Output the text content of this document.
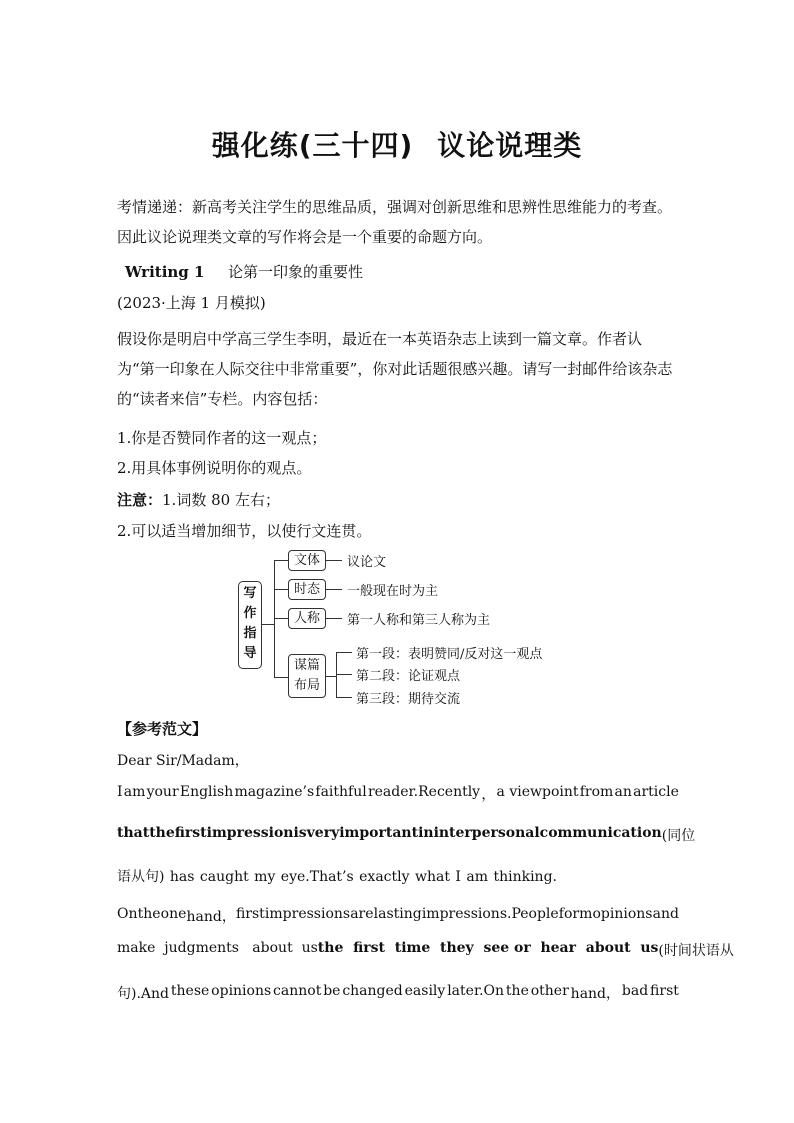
强化练(三十四) 议论说理类
考情递递：新高考关注学生的思维品质，强调对创新思维和思辨性思维能力的考查。因此议论说理类文章的写作将会是一个重要的命题方向。
Writing 1 论第一印象的重要性
(2023·上海 1 月模拟)
假设你是明启中学高三学生李明，最近在一本英语杂志上读到一篇文章。作者认为“第一印象在人际交往中非常重要”，你对此话题很感兴趣。请写一封邮件给该杂志的“读者来信”专栏。内容包括：
1.你是否赞同作者的这一观点；
2.用具体事例说明你的观点。
注意：1.词数 80 左右；
2.可以适当增加细节，以使行文连贯。
写
作
指
导
文体	议论文
时态	一般现在时为主
人称	第一人称和第三人称为主
谋篇
布局
第一段：表明赞同/反对这一观点
第二段：论证观点
第三段：期待交流
【参考范文】
Dear Sir/Madam，
I am your English magazine’s faithful reader.Recently ， a viewpoint from an article
that the first impression is very important in interpersonal communication (同位
语从句) has caught my eye.That’s exactly what I am thinking.
On the one hand， first impressions are lasting impressions.People form opinions and
make  judgments   about  us the  first  time  they  see or  hear  about  us (时间状语从
句).And these opinions cannot be changed easily later.On the other hand， bad first
